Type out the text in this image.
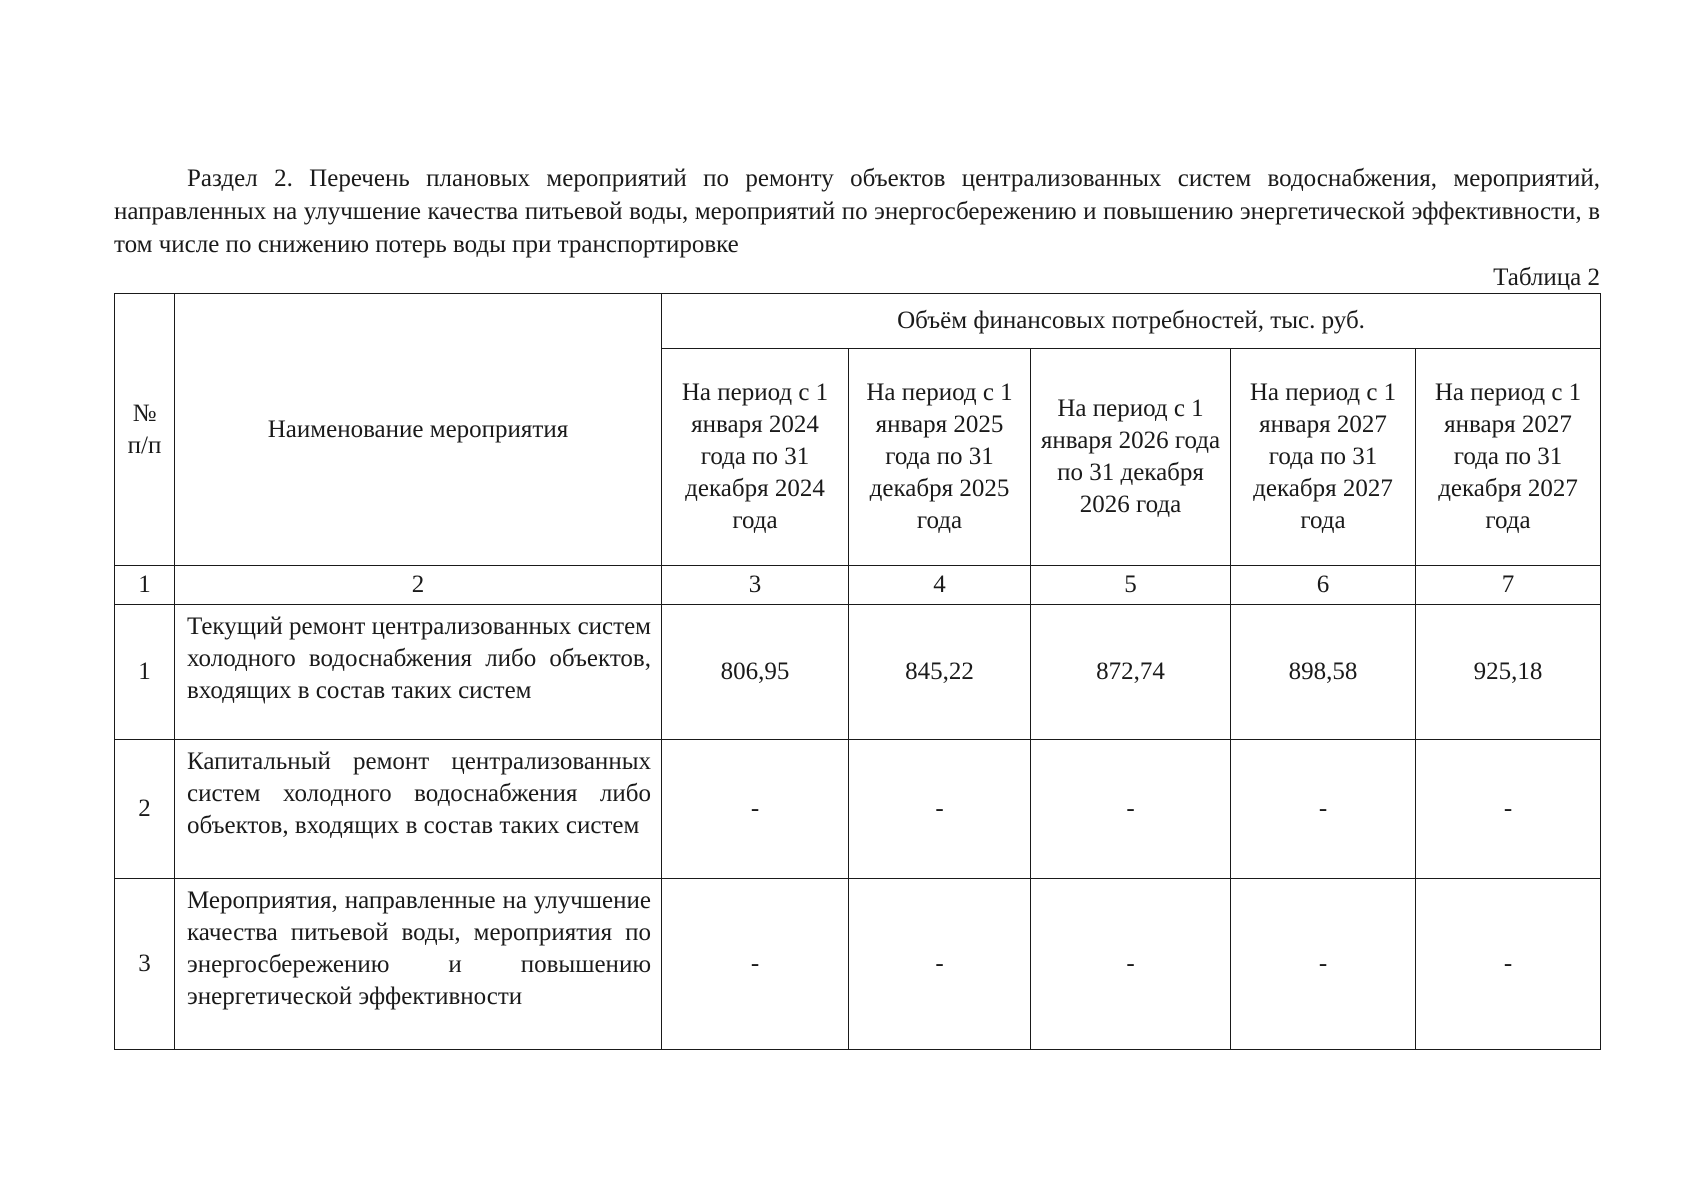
Раздел 2. Перечень плановых мероприятий по ремонту объектов централизованных систем водоснабжения, мероприятий, направленных на улучшение качества питьевой воды, мероприятий по энергосбережению и повышению энергетической эффективности, в том числе по снижению потерь воды при транспортировке

Таблица 2
№ п/п	Наименование мероприятия	Объём финансовых потребностей, тыс. руб.				
		На период с 1 января 2024 года по 31 декабря 2024 года	На период с 1 января 2025 года по 31 декабря 2025 года	На период с 1 января 2026 года по 31 декабря 2026 года	На период с 1 января 2027 года по 31 декабря 2027 года	На период с 1 января 2027 года по 31 декабря 2027 года
1	2	3	4	5	6	7
1	Текущий ремонт централизованных систем холодного водоснабжения либо объектов, входящих в состав таких систем	806,95	845,22	872,74	898,58	925,18
2	Капитальный ремонт централизованных систем холодного водоснабжения либо объектов, входящих в состав таких систем	-	-	-	-	-
3	Мероприятия, направленные на улучшение качества питьевой воды, мероприятия по энергосбережению и повышению энергетической эффективности	-	-	-	-	-
